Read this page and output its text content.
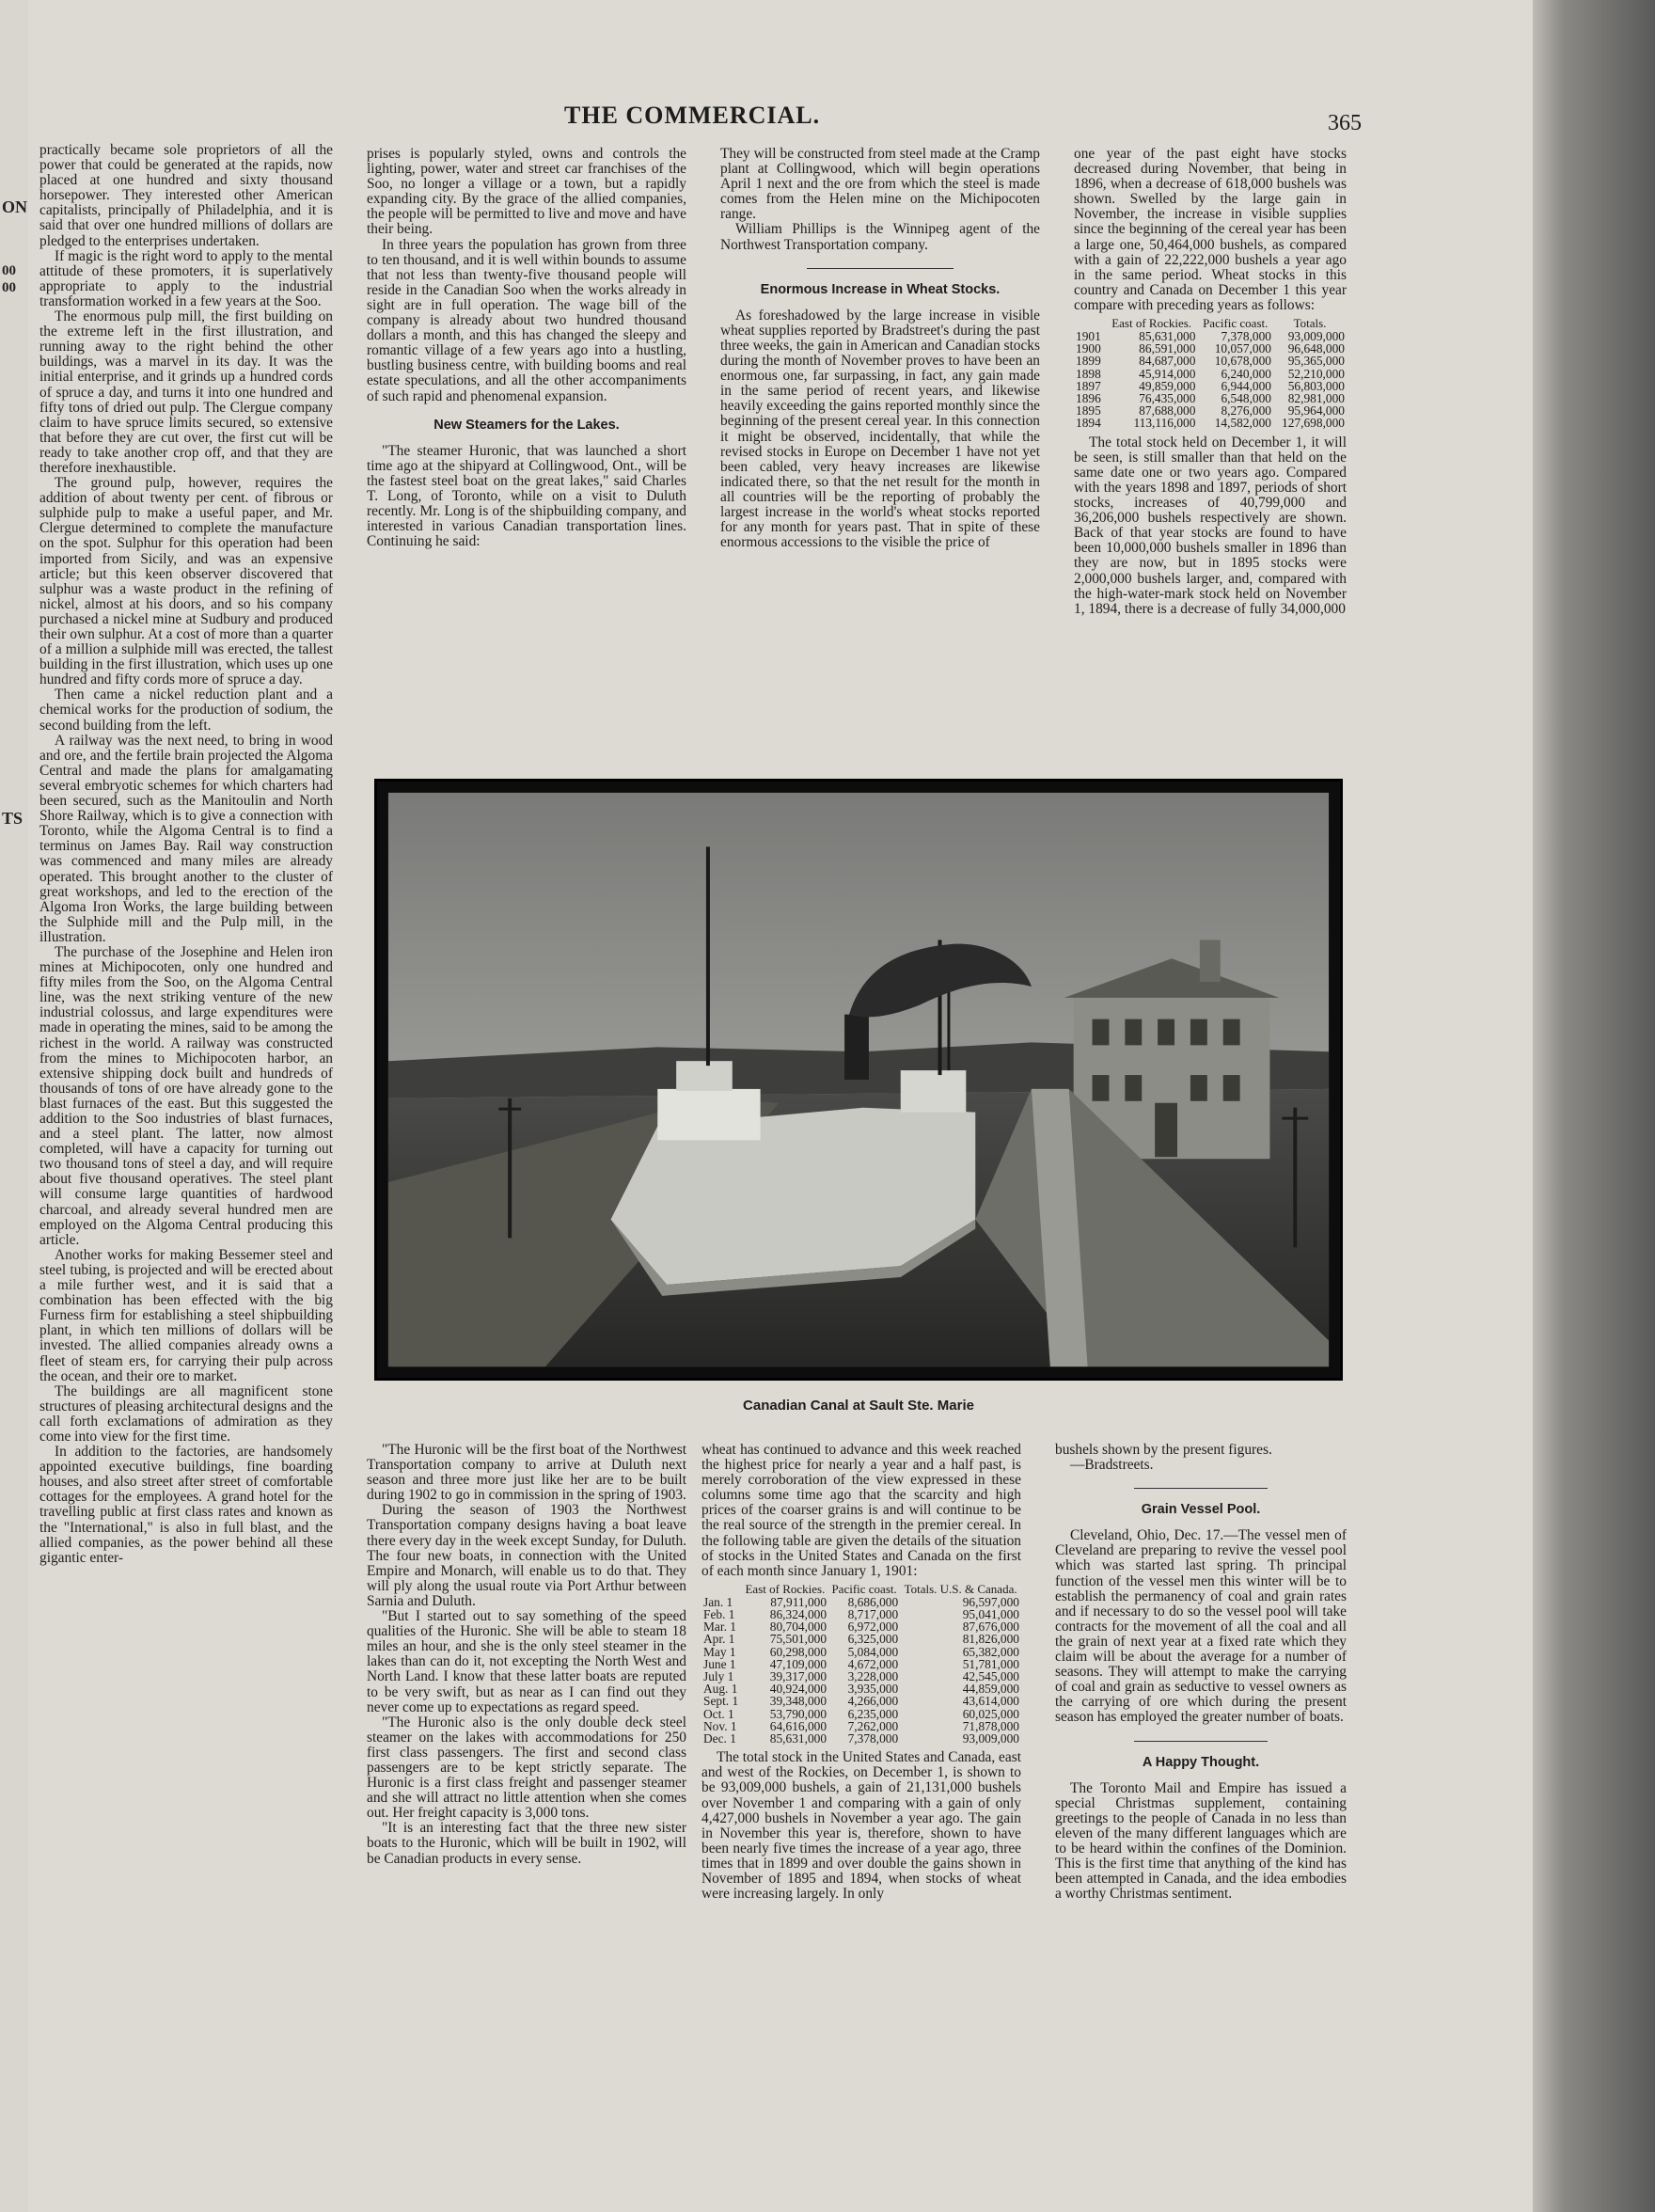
ON
00
00
TS
THE COMMERCIAL.	365

practically became sole proprietors of all the power that could be generated at the rapids, now placed at one hundred and sixty thousand horsepower. They interested other American capitalists, principally of Philadelphia, and it is said that over one hundred millions of dollars are pledged to the enterprises undertaken.

If magic is the right word to apply to the mental attitude of these promoters, it is superlatively appropriate to apply to the industrial transformation worked in a few years at the Soo.

The enormous pulp mill, the first building on the extreme left in the first illustration, and running away to the right behind the other buildings, was a marvel in its day. It was the initial enterprise, and it grinds up a hundred cords of spruce a day, and turns it into one hundred and fifty tons of dried out pulp. The Clergue company claim to have spruce limits secured, so extensive that before they are cut over, the first cut will be ready to take another crop off, and that they are therefore inexhaustible.

The ground pulp, however, requires the addition of about twenty per cent. of fibrous or sulphide pulp to make a useful paper, and Mr. Clergue determined to complete the manufacture on the spot. Sulphur for this operation had been imported from Sicily, and was an expensive article; but this keen observer discovered that sulphur was a waste product in the refining of nickel, almost at his doors, and so his company purchased a nickel mine at Sudbury and produced their own sulphur. At a cost of more than a quarter of a million a sulphide mill was erected, the tallest building in the first illustration, which uses up one hundred and fifty cords more of spruce a day.

Then came a nickel reduction plant and a chemical works for the production of sodium, the second building from the left.

A railway was the next need, to bring in wood and ore, and the fertile brain projected the Algoma Central and made the plans for amalgamating several embryotic schemes for which charters had been secured, such as the Manitoulin and North Shore Railway, which is to give a connection with Toronto, while the Algoma Central is to find a terminus on James Bay. Rail way construction was commenced and many miles are already operated. This brought another to the cluster of great workshops, and led to the erection of the Algoma Iron Works, the large building between the Sulphide mill and the Pulp mill, in the illustration.

The purchase of the Josephine and Helen iron mines at Michipocoten, only one hundred and fifty miles from the Soo, on the Algoma Central line, was the next striking venture of the new industrial colossus, and large expenditures were made in operating the mines, said to be among the richest in the world. A railway was constructed from the mines to Michipocoten harbor, an extensive shipping dock built and hundreds of thousands of tons of ore have already gone to the blast furnaces of the east. But this suggested the addition to the Soo industries of blast furnaces, and a steel plant. The latter, now almost completed, will have a capacity for turning out two thousand tons of steel a day, and will require about five thousand operatives. The steel plant will consume large quantities of hardwood charcoal, and already several hundred men are employed on the Algoma Central producing this article.

Another works for making Bessemer steel and steel tubing, is projected and will be erected about a mile further west, and it is said that a combination has been effected with the big Furness firm for establishing a steel shipbuilding plant, in which ten millions of dollars will be invested. The allied companies already owns a fleet of steam ers, for carrying their pulp across the ocean, and their ore to market.

The buildings are all magnificent stone structures of pleasing architectural designs and the call forth exclamations of admiration as they come into view for the first time.

In addition to the factories, are handsomely appointed executive buildings, fine boarding houses, and also street after street of comfortable cottages for the employees. A grand hotel for the travelling public at first class rates and known as the "International," is also in full blast, and the allied companies, as the power behind all these gigantic enter-

prises is popularly styled, owns and controls the lighting, power, water and street car franchises of the Soo, no longer a village or a town, but a rapidly expanding city. By the grace of the allied companies, the people will be permitted to live and move and have their being.

In three years the population has grown from three to ten thousand, and it is well within bounds to assume that not less than twenty-five thousand people will reside in the Canadian Soo when the works already in sight are in full operation. The wage bill of the company is already about two hundred thousand dollars a month, and this has changed the sleepy and romantic village of a few years ago into a hustling, bustling business centre, with building booms and real estate speculations, and all the other accompaniments of such rapid and phenomenal expansion.

New Steamers for the Lakes.

"The steamer Huronic, that was launched a short time ago at the shipyard at Collingwood, Ont., will be the fastest steel boat on the great lakes," said Charles T. Long, of Toronto, while on a visit to Duluth recently. Mr. Long is of the shipbuilding company, and interested in various Canadian transportation lines. Continuing he said:

They will be constructed from steel made at the Cramp plant at Collingwood, which will begin operations April 1 next and the ore from which the steel is made comes from the Helen mine on the Michipocoten range.

William Phillips is the Winnipeg agent of the Northwest Transportation company.

Enormous Increase in Wheat Stocks.

As foreshadowed by the large increase in visible wheat supplies reported by Bradstreet's during the past three weeks, the gain in American and Canadian stocks during the month of November proves to have been an enormous one, far surpassing, in fact, any gain made in the same period of recent years, and likewise heavily exceeding the gains reported monthly since the beginning of the present cereal year. In this connection it might be observed, incidentally, that while the revised stocks in Europe on December 1 have not yet been cabled, very heavy increases are likewise indicated there, so that the net result for the month in all countries will be the reporting of probably the largest increase in the world's wheat stocks reported for any month for years past. That in spite of these enormous accessions to the visible the price of

one year of the past eight have stocks decreased during November, that being in 1896, when a decrease of 618,000 bushels was shown. Swelled by the large gain in November, the increase in visible supplies since the beginning of the cereal year has been a large one, 50,464,000 bushels, as compared with a gain of 22,222,000 bushels a year ago in the same period. Wheat stocks in this country and Canada on December 1 this year compare with preceding years as follows:

	East of Rockies.	Pacific coast.	Totals.
1901	85,631,000	7,378,000	93,009,000
1900	86,591,000	10,057,000	96,648,000
1899	84,687,000	10,678,000	95,365,000
1898	45,914,000	6,240,000	52,210,000
1897	49,859,000	6,944,000	56,803,000
1896	76,435,000	6,548,000	82,981,000
1895	87,688,000	8,276,000	95,964,000
1894	113,116,000	14,582,000	127,698,000

The total stock held on December 1, it will be seen, is still smaller than that held on the same date one or two years ago. Compared with the years 1898 and 1897, periods of short stocks, increases of 40,799,000 and 36,206,000 bushels respectively are shown. Back of that year stocks are found to have been 10,000,000 bushels smaller in 1896 than they are now, but in 1895 stocks were 2,000,000 bushels larger, and, compared with the high-water-mark stock held on November 1, 1894, there is a decrease of fully 34,000,000

Canadian Canal at Sault Ste. Marie

"The Huronic will be the first boat of the Northwest Transportation company to arrive at Duluth next season and three more just like her are to be built during 1902 to go in commission in the spring of 1903.

During the season of 1903 the Northwest Transportation company designs having a boat leave there every day in the week except Sunday, for Duluth. The four new boats, in connection with the United Empire and Monarch, will enable us to do that. They will ply along the usual route via Port Arthur between Sarnia and Duluth.

"But I started out to say something of the speed qualities of the Huronic. She will be able to steam 18 miles an hour, and she is the only steel steamer in the lakes than can do it, not excepting the North West and North Land. I know that these latter boats are reputed to be very swift, but as near as I can find out they never come up to expectations as regard speed.

"The Huronic also is the only double deck steel steamer on the lakes with accommodations for 250 first class passengers. The first and second class passengers are to be kept strictly separate. The Huronic is a first class freight and passenger steamer and she will attract no little attention when she comes out. Her freight capacity is 3,000 tons.

"It is an interesting fact that the three new sister boats to the Huronic, which will be built in 1902, will be Canadian products in every sense.

wheat has continued to advance and this week reached the highest price for nearly a year and a half past, is merely corroboration of the view expressed in these columns some time ago that the scarcity and high prices of the coarser grains is and will continue to be the real source of the strength in the premier cereal. In the following table are given the details of the situation of stocks in the United States and Canada on the first of each month since January 1, 1901:

	East of Rockies.	Pacific coast.	Totals. U.S. & Canada.
Jan. 1	87,911,000	8,686,000	96,597,000
Feb. 1	86,324,000	8,717,000	95,041,000
Mar. 1	80,704,000	6,972,000	87,676,000
Apr. 1	75,501,000	6,325,000	81,826,000
May 1	60,298,000	5,084,000	65,382,000
June 1	47,109,000	4,672,000	51,781,000
July 1	39,317,000	3,228,000	42,545,000
Aug. 1	40,924,000	3,935,000	44,859,000
Sept. 1	39,348,000	4,266,000	43,614,000
Oct. 1	53,790,000	6,235,000	60,025,000
Nov. 1	64,616,000	7,262,000	71,878,000
Dec. 1	85,631,000	7,378,000	93,009,000

The total stock in the United States and Canada, east and west of the Rockies, on December 1, is shown to be 93,009,000 bushels, a gain of 21,131,000 bushels over November 1 and comparing with a gain of only 4,427,000 bushels in November a year ago. The gain in November this year is, therefore, shown to have been nearly five times the increase of a year ago, three times that in 1899 and over double the gains shown in November of 1895 and 1894, when stocks of wheat were increasing largely. In only

bushels shown by the present figures.

—Bradstreets.

Grain Vessel Pool.

Cleveland, Ohio, Dec. 17.—The vessel men of Cleveland are preparing to revive the vessel pool which was started last spring. Th principal function of the vessel men this winter will be to establish the permanency of coal and grain rates and if necessary to do so the vessel pool will take contracts for the movement of all the coal and all the grain of next year at a fixed rate which they claim will be about the average for a number of seasons. They will attempt to make the carrying of coal and grain as seductive to vessel owners as the carrying of ore which during the present season has employed the greater number of boats.

A Happy Thought.

The Toronto Mail and Empire has issued a special Christmas supplement, containing greetings to the people of Canada in no less than eleven of the many different languages which are to be heard within the confines of the Dominion. This is the first time that anything of the kind has been attempted in Canada, and the idea embodies a worthy Christmas sentiment.
